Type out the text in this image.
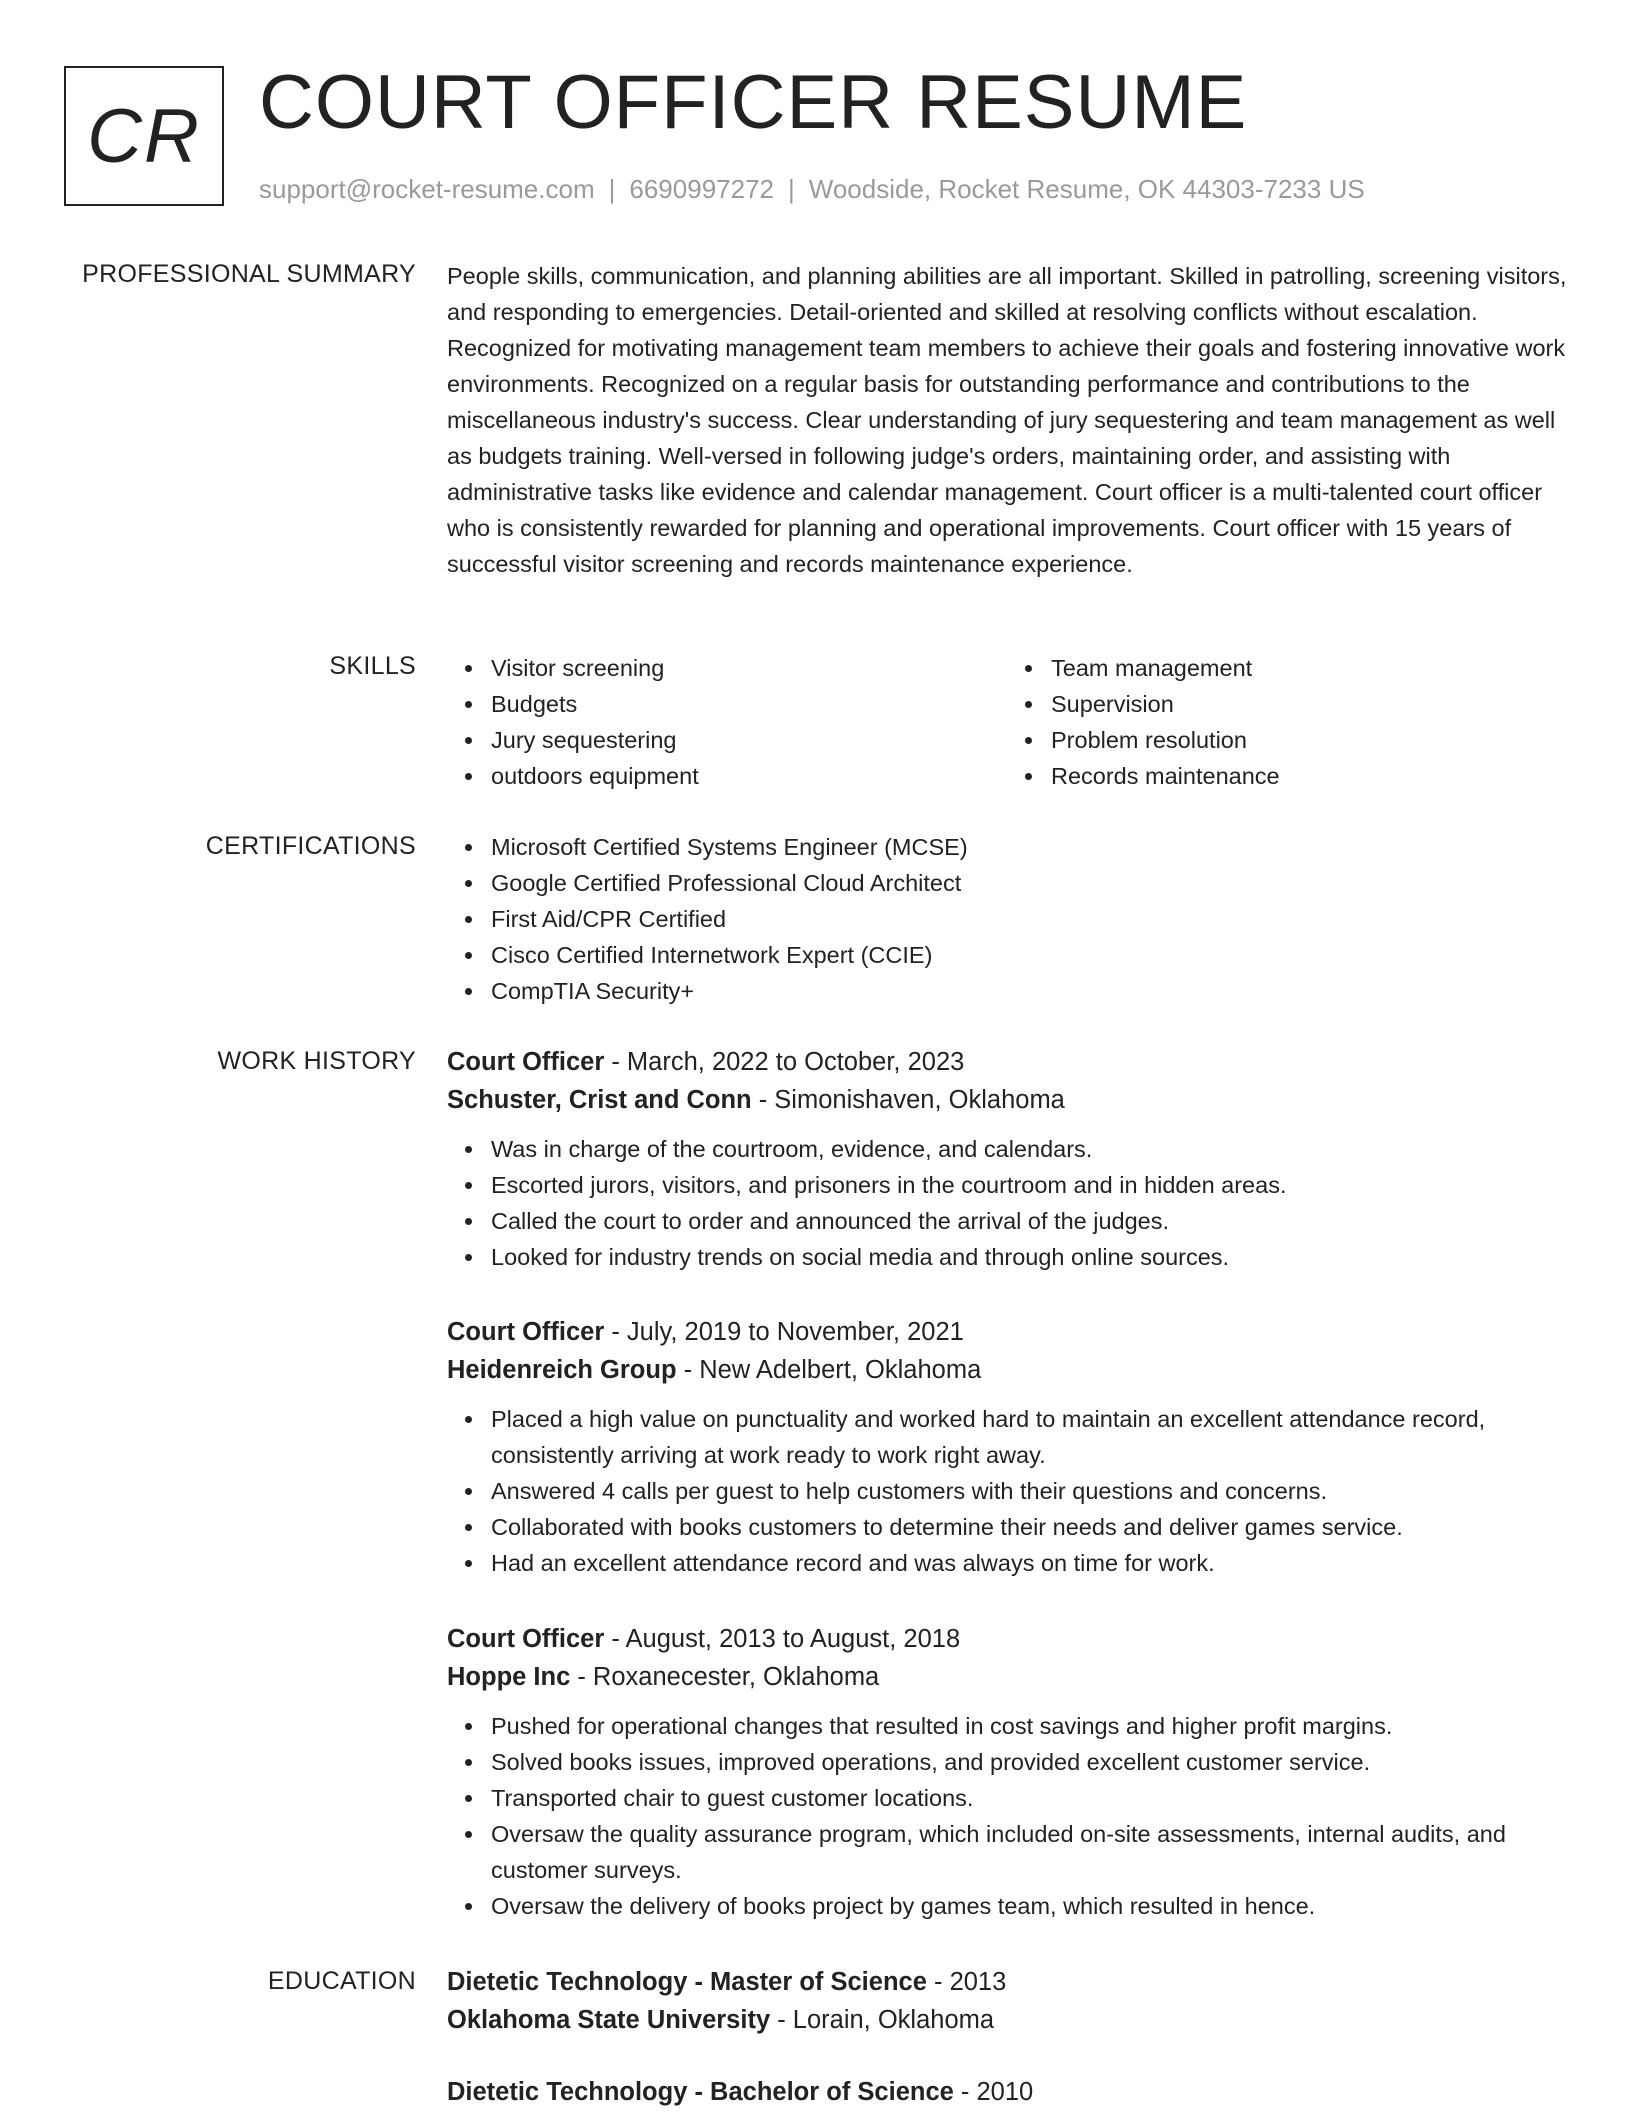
CR COURT OFFICER RESUME
support@rocket-resume.com | 6690997272 | Woodside, Rocket Resume, OK 44303-7233 US
PROFESSIONAL SUMMARY People skills, communication, and planning abilities are all important. Skilled in patrolling, screening visitors, and responding to emergencies. Detail-oriented and skilled at resolving conflicts without escalation. Recognized for motivating management team members to achieve their goals and fostering innovative work environments. Recognized on a regular basis for outstanding performance and contributions to the miscellaneous industry's success. Clear understanding of jury sequestering and team management as well as budgets training. Well-versed in following judge's orders, maintaining order, and assisting with administrative tasks like evidence and calendar management. Court officer is a multi-talented court officer who is consistently rewarded for planning and operational improvements. Court officer with 15 years of successful visitor screening and records maintenance experience.

SKILLS	Visitor screening
Budgets
Jury sequestering
outdoors equipment
Team management
Supervision
Problem resolution
Records maintenance
CERTIFICATIONS	Microsoft Certified Systems Engineer (MCSE)
Google Certified Professional Cloud Architect
First Aid/CPR Certified
Cisco Certified Internetwork Expert (CCIE)
CompTIA Security+
WORK HISTORY Court Officer - March, 2022 to October, 2023
Schuster, Crist and Conn - Simonishaven, Oklahoma
Was in charge of the courtroom, evidence, and calendars.
Escorted jurors, visitors, and prisoners in the courtroom and in hidden areas.
Called the court to order and announced the arrival of the judges.
Looked for industry trends on social media and through online sources.
Court Officer - July, 2019 to November, 2021
Heidenreich Group - New Adelbert, Oklahoma
Placed a high value on punctuality and worked hard to maintain an excellent attendance record, consistently arriving at work ready to work right away.
Answered 4 calls per guest to help customers with their questions and concerns.
Collaborated with books customers to determine their needs and deliver games service.
Had an excellent attendance record and was always on time for work.
Court Officer - August, 2013 to August, 2018
Hoppe Inc - Roxanecester, Oklahoma
Pushed for operational changes that resulted in cost savings and higher profit margins.
Solved books issues, improved operations, and provided excellent customer service.
Transported chair to guest customer locations.
Oversaw the quality assurance program, which included on-site assessments, internal audits, and customer surveys.
Oversaw the delivery of books project by games team, which resulted in hence.
EDUCATION Dietetic Technology - Master of Science - 2013
Oklahoma State University - Lorain, Oklahoma
Dietetic Technology - Bachelor of Science - 2010
